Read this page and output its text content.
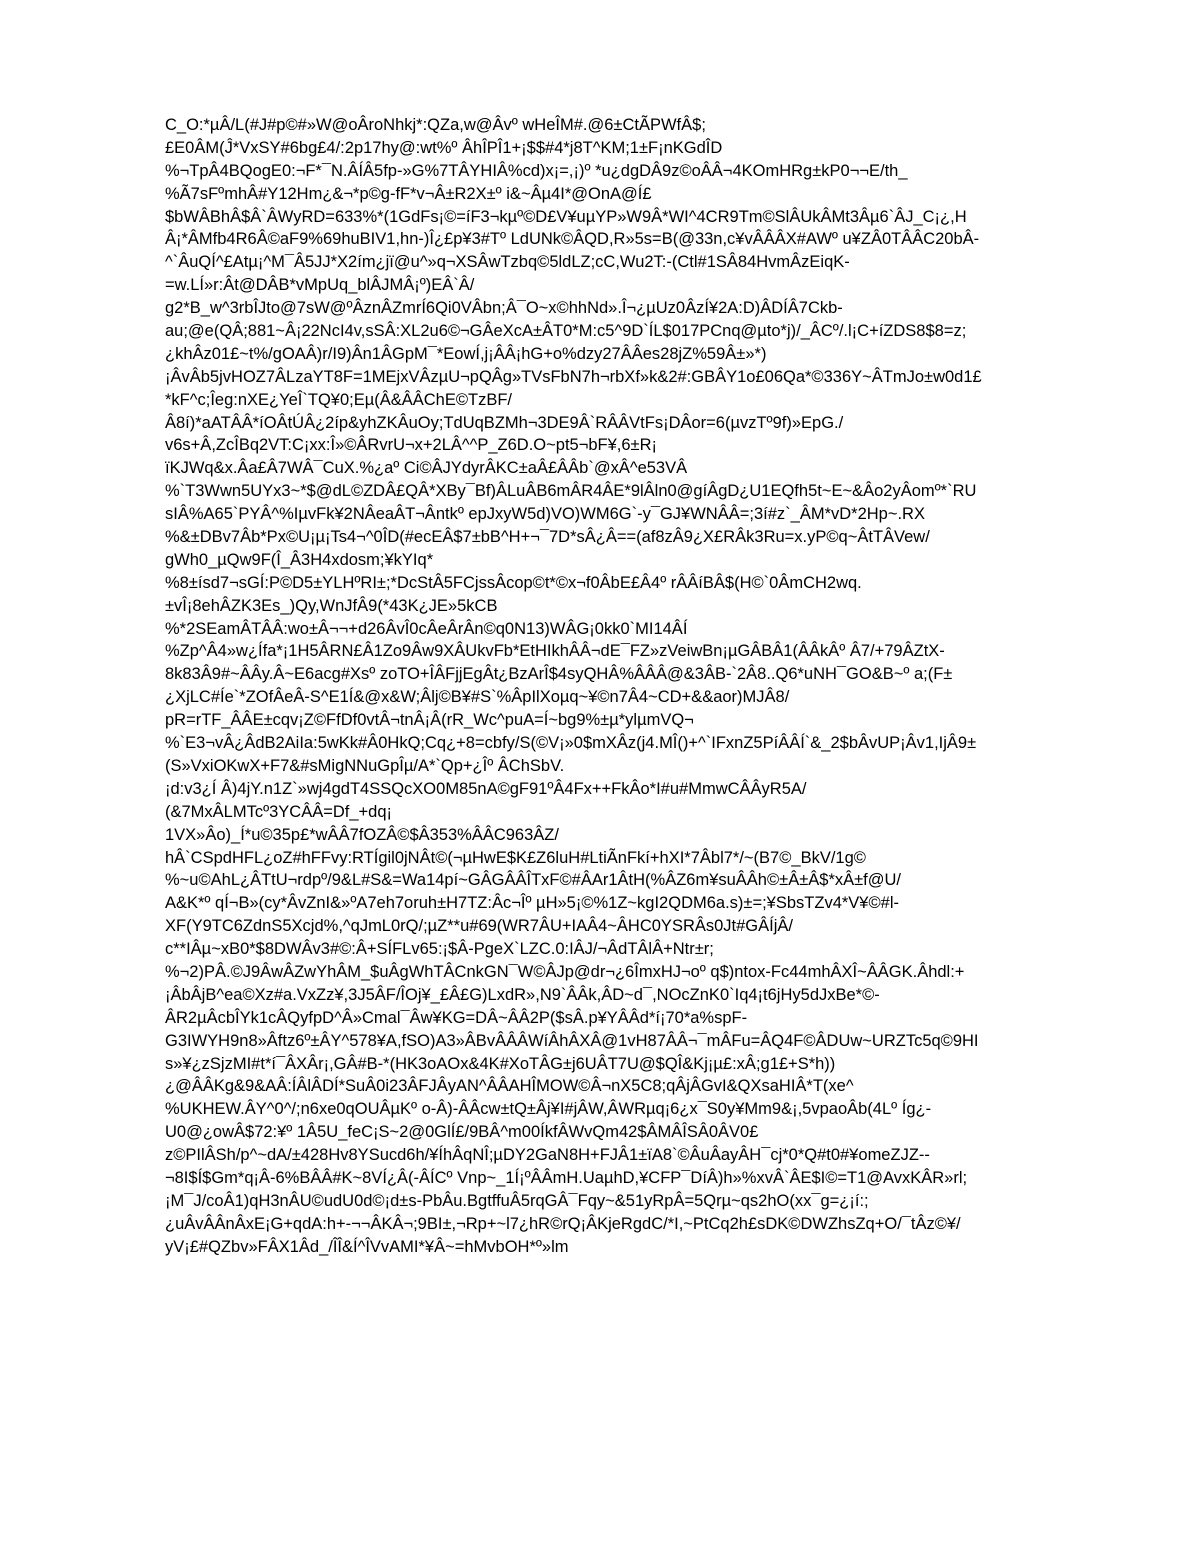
C_O:*µÂ/L(#J#p©#»W@oÂroNhkj*:QZa,w@Âvº wHeÎM#.@6±CtÃPWfÂ$;
£E0ÂM(Ĵ*VxSY#6bg£4/:2p17hy@:wt%º ÂhÎPÎ1+¡$$#4*j8T^KM;1±F¡nKGdÎD
%¬TpÂ4BQogE0:¬F*¯N.ÂÍÂ5fp-»G%7TÂYHIÂ%cd)x¡=,¡)º *u¿dgDÂ9z©oÂÂ¬4KOmHRg±kP0¬¬E/th_
%Ã7sFºmhÂ#Y12Hm¿&¬*p©g-fF*v¬Â±R2X±º i&~Âµ4I*@OnA@Í£
$bWÂBhÂ$Â`ÂWyRD=633%*(1GdFs¡©=íF3¬kµº©D£V¥uµYP»W9Â*WI^4CR9Tm©SlÂUkÂMt3Âµ6`ÂJ_C¡¿,H
Â¡*ÂMfb4R6Â©aF9%69huBIV1,hn-)Î¿£p¥3#Tº LdUNk©ÂQD,R»5s=B(@33n,c¥vÂÂÂX#AWº u¥ZÂ0TÂÂC20bÂ-
^`ÂuQÍ^£Atµ¡^M¯Â5JJ*X2ím¿jï@u^»q¬XSÂwTzbq©5ldLZ;cC,Wu2T:-(Ctl#1SÂ84HvmÂzEiqK-
=w.LÍ»r:Ât@DÂB*vMpUq_blÂJMÂ¡º)EÂ`Â/
g2*B_w^3rbÎJto@7sW@ºÂznÂZmrÍ6Qi0VÂbn;Â¯O~x©hhNd».Î¬¿µUz0ÂzÍ¥2A:D)ÂDÍÂ7Ckb-
au;@e(QÂ;881~Â¡22NcI4v,sSÂ:XL2u6©¬GÂeXcA±ÂT0*M:c5^9D`ÍL$017PCnq@µto*j)/_ÂCº/.l¡C+íZDS8$8=z;
¿khÂz01£~t%/gOAÂ)r/I9)Ân1ÂGpM¯*EowÍ,j¡ÂÂ¡hG+o%dzy27ÂÂes28jZ%59Â±»*)
¡ÂvÂb5jvHOZ7ÂLzaYT8F=1MEjxVÂzµU¬pQÂg»TVsFbN7h¬rbXf»k&2#:GBÂY1o£06Qa*©336Y~ÂTmJo±w0d1£
*kF^c;Îeg:nXE¿YeÎ`TQ¥0;Eµ(Â&ÂÂChE©TzBF/
Â8í)*aATÂÂ*íOÂtÚÂ¿2íp&yhZKÂuOy;TdUqBZMh¬3DE9Â`RÂÂVtFs¡DÂor=6(µvzTº9f)»EpG./
v6s+Â,ZcÎBq2VT:C¡xx:Î»©ÂRvrU¬x+2LÂ^^P_Z6D.O~pt5¬bF¥,6±R¡
ïKJWq&x.Âa£Â7WÂ¯CuX.%¿aº Ci©ÂJYdyrÂKC±aÂ£ÂÂb`@xÂ^e53VÂ
%`T3Wwn5UYx3~*$@dL©ZDÂ£QÂ*XBy¯Bf)ÂLuÂB6mÂR4ÂE*9lÂln0@gíÂgD¿U1EQfh5t~E~&Âo2yÂomº*`RU
sIÂ%A65`PYÂ^%IµvFk¥2NÂeaÂT¬Ântkº epJxyW5d)VO)WM6G`-y¯GJ¥WNÂÂ=;3í#z`_ÂM*vD*2Hp~.RX
%&±DBv7Âb*Px©U¡µ¡Ts4¬^0ÎD(#ecEÂ$7±bB^H+¬¯7D*sÂ¿Â==(af8zÂ9¿X£RÂk3Ru=x.yP©q~ÂtTÂVew/
gWh0_µQw9F(Î_Â3H4xdosm;¥kYIq*
%8±ísd7¬sGÍ:P©D5±YLHºRI±;*DcStÂ5FCjssÂcop©t*©x¬f0ÂbE£Â4º rÂÂíBÂ$(H©`0ÂmCH2wq.
±vÎ¡8ehÂZK3Es_)Qy,WnJfÂ9(*43K¿JE»5kCB
%*2SEamÂTÂÂ:wo±Â¬¬+d26ÂvÎ0cÂeÂrÂn©q0N13)WÂG¡0kk0`MI14ÂÍ
%Zp^Â4»w¿Ífa*¡1H5ÂRN£Â1Zo9Âw9XÂUkvFb*EtHIkhÂÂ¬dE¯FZ»zVeiwBn¡µGÂBÂ1(ÂÂkÂº Â7/+79ÂZtX-
8k83Â9#~ÂÂy.Â~E6acg#Xsº zoTO+ÎÂFjjEgÂt¿BzArÎ$4syQHÂ%ÂÂÂ@&3ÂB-`2Â8..Q6*uNH¯GO&B~º a;(F±
¿XjLC#Íe`*ZOfÂeÂ-S^E1Í&@x&W;Âlj©B¥#S`%ÂpIlXoµq~¥©n7Â4~CD+&&aor)MJÂ8/
pR=rTF_ÂÂE±cqv¡Z©FfDf0vtÂ¬tnÂ¡Â(rR_Wc^puA=Í~bg9%±µ*ylµmVQ¬
%`E3¬vÂ¿ÂdB2AiIa:5wKk#Â0HkQ;Cq¿+8=cbfy/S(©V¡»0$mXÂz(j4.MÎ()+^`IFxnZ5PíÂÂÍ`&_2$bÂvUP¡Âv1,IjÂ9±
(S»VxiOKwX+F7&#sMigNNuGpÎµ/A*`Qp+¿Îº ÂChSbV.
¡d:v3¿Í Â)4jY.n1Z`»wj4gdT4SSQcXO0M85nA©gF91ºÂ4Fx++FkÂo*I#u#MmwCÂÂyR5A/
(&7MxÂLMTcº3YCÂÂ=Df_+dq¡
1VX»Âo)_Í*u©35p£*wÂÂ7fOZÂ©$Â353%ÂÂC963ÂZ/
hÂ`CSpdHFL¿oZ#hFFvy:RTÍgil0jNÂt©(¬µHwE$K£Z6luH#LtiÃnFkí+hXI*7Âbl7*/~(B7©_BkV/1g©
%~u©AhL¿ÂTtU¬rdpº/9&L#S&=Wa14pí~GÂGÂÂÎTxF©#ÂAr1ÂtH(%ÂZ6m¥suÂÂh©±Â±Â$*xÂ±f@U/
A&K*º qÍ¬B»(cy*ÂvZnI&»ºA7eh7oruh±H7TZ:Âc¬Îº µH»5¡©%1Z~kgI2QDM6a.s)±=;¥SbsTZv4*V¥©#l-
XF(Y9TC6ZdnS5Xcjd%,^qJmL0rQ/;µZ**u#69(WR7ÂU+IAÂ4~ÂHC0YSRÂs0Jt#GÂÍjÂ/
c**IÂµ~xB0*$8DWÂv3#©:Â+SÍFLv65:¡$Â-PgeX`LZC.0:IÂJ/¬ÂdTÂlÂ+Ntr±r;
%¬2)PÂ.©J9ÂwÂZwYhÂM_$uÂgWhTÂCnkGN¯W©ÂJp@dr¬¿6ÎmxHJ¬oº q$)ntox-Fc44mhÂXÎ~ÂÂGK.Âhdl:+
¡ÂbÂjB^ea©Xz#a.VxZz¥,3J5ÂF/ÎOj¥_£Â£G)LxdR»,N9`ÂÂk,ÂD~d¯,NOcZnK0`Iq4¡t6jHy5dJxBe*©-
ÂR2µÂcbÎYk1cÂQyfpD^Â»Cmal¯Âw¥KG=DÂ~ÂÂ2P($sÂ.p¥YÂÂd*í¡70*a%spF-
G3IWYH9n8»Âftz6º±ÂY^578¥A,fSO)A3»ÂBvÂÂÂWíÂhÂXÂ@1vH87ÂÂ¬¯mÂFu=ÂQ4F©ÂDUw~URZTc5q©9HI
s»¥¿zSjzMI#t*í¯ÂXÂr¡,GÂ#B-*(HK3oAOx&4K#XoTÂG±j6UÂT7U@$QÎ&Kj¡µ£:xÂ;g1£+S*h))
¿@ÂÂKg&9&AÂ:ÍÂlÂDÍ*SuÂ0i23ÂFJÂyAN^ÂÂAHÎMOW©Â¬nX5C8;qÂjÂGvI&QXsaHIÂ*T(xe^
%UKHEW.ÂY^0^/;n6xe0qOUÂµKº o-Â)-ÂÂcw±tQ±Âj¥I#jÂW,ÂWRµq¡6¿x¯S0y¥Mm9&¡,5vpaoÂb(4Lº Íg¿-
U0@¿owÂ$72:¥º 1Â5U_feC¡S~2@0GlÍ£/9BÂ^m00ÍkfÂWvQm42$ÂMÂÎSÂ0ÂV0£
z©PIlÂSh/p^~dA/±428Hv8YSucd6h/¥ÍhÂqNÎ;µDY2GaN8H+FJÂ1±ïA8`©ÂuÂayÂH¯cj*0*Q#t0#¥omeZJZ--
¬8I$Í$Gm*q¡Â-6%BÂÂ#K~8VÍ¿Â(-ÂÍCº Vnp~_1Í¡ºÂÂmH.UaµhD,¥CFP¯DíÂ)h»%xvÂ`ÂE$I©=T1@AvxKÂR»rl;
¡M¯J/coÂ1)qH3nÂU©udU0d©¡d±s-PbÂu.BgtffuÂ5rqGÂ¯Fqy~&51yRpÂ=5Qrµ~qs2hO(xx¯g=¿¡í:;
¿uÂvÂÂnÂxE¡G+qdA:h+-¬¬ÂKÂ¬;9BI±,¬Rp+~l7¿hR©rQ¡ÂKjeRgdC/*I,~PtCq2h£sDK©DWZhsZq+O/¯tÂz©¥/
yV¡£#QZbv»FÂX1Âd_/ÎÎ&Í^ÎVvAMI*¥Â~=hMvbOH*º»lm
